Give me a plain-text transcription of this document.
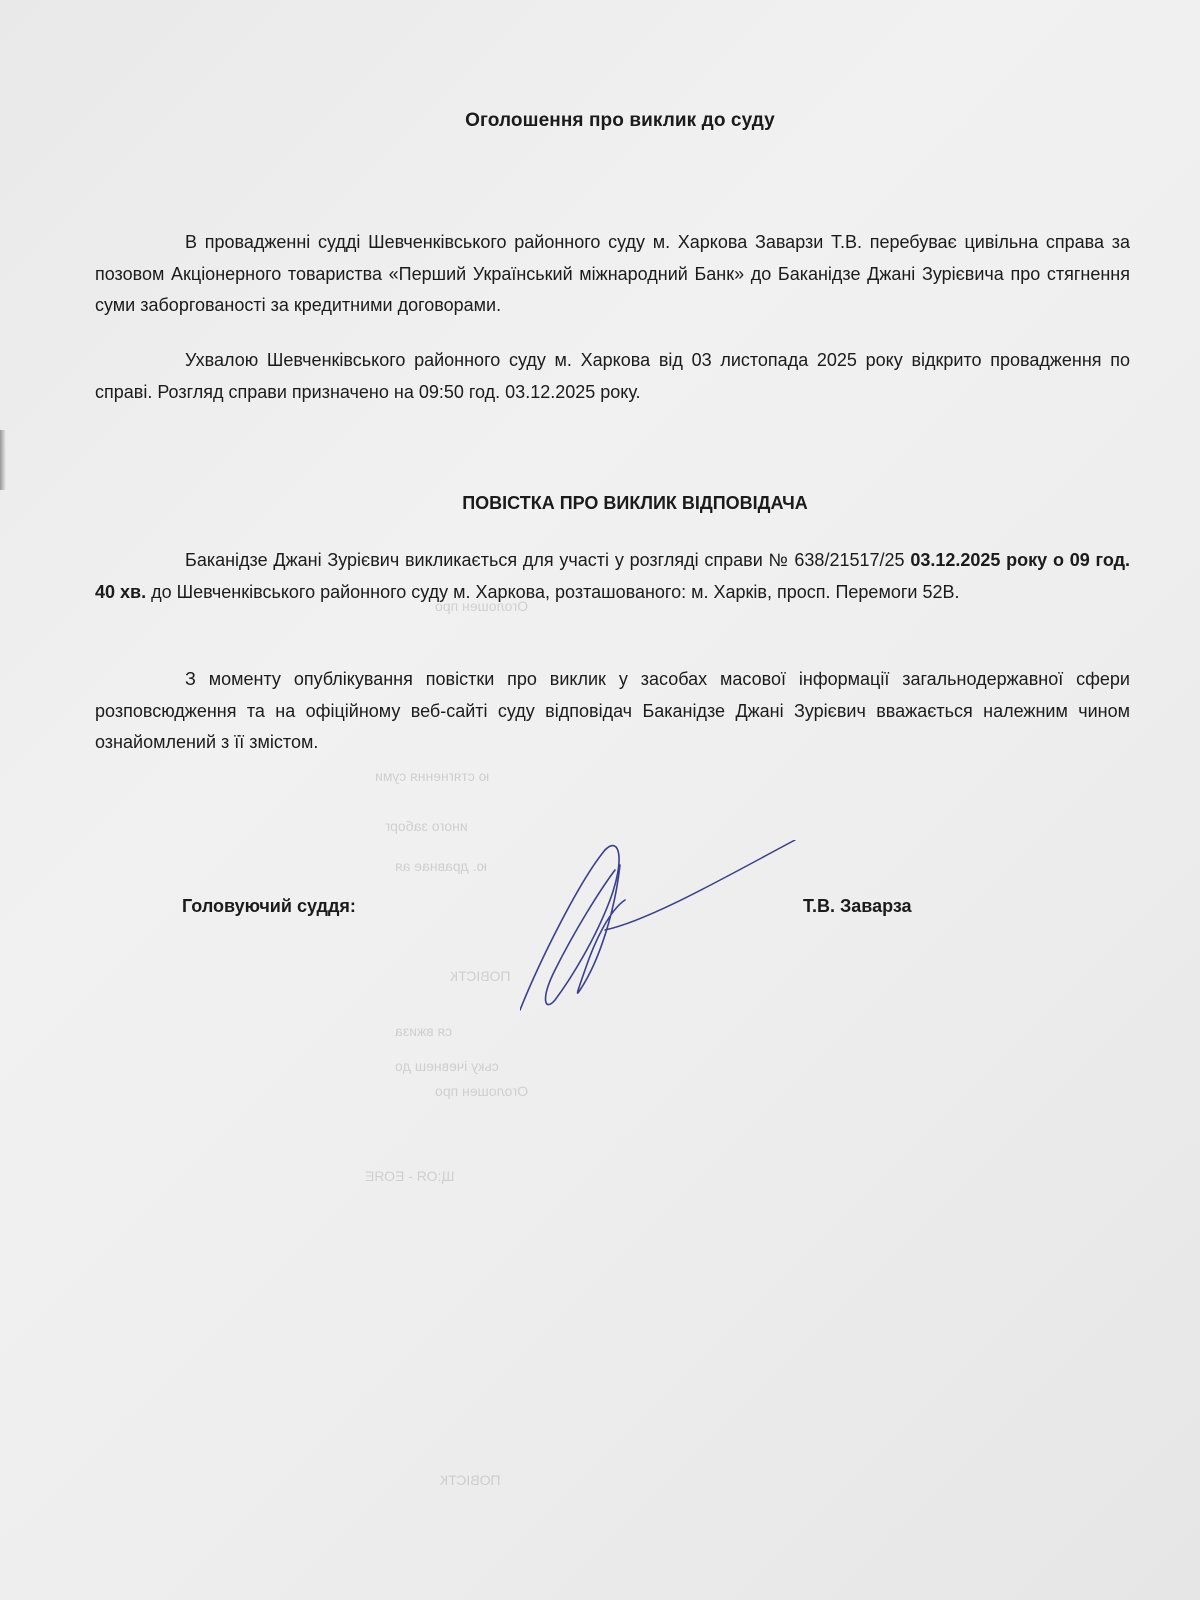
Оголошен про
ю стягнення суми
иного заборг
ю. дравнае ая
ПОВІСТК
ся вжиза
ську ічевнеш до
Оголошен про
Щ:ОЯ - ЕОЯЕ
ПОВІСТК
Оголошення про виклик до суду
В провадженні судді Шевченківського районного суду м. Харкова Заварзи Т.В. перебуває цивільна справа за позовом Акціонерного товариства «Перший Український міжнародний Банк» до Баканідзе Джані Зурієвича про стягнення суми заборгованості за кредитними договорами.
Ухвалою Шевченківського районного суду м. Харкова від 03 листопада 2025 року відкрито провадження по справі. Розгляд справи призначено на 09:50 год. 03.12.2025 року.
ПОВІСТКА ПРО ВИКЛИК ВІДПОВІДАЧА
Баканідзе Джані Зурієвич викликається для участі у розгляді справи № 638/21517/25 03.12.2025 року о 09 год. 40 хв. до Шевченківського районного суду м. Харкова, розташованого: м. Харків, просп. Перемоги 52В.
З моменту опублікування повістки про виклик у засобах масової інформації загальнодержавної сфери розповсюдження та на офіційному веб-сайті суду відповідач Баканідзе Джані Зурієвич вважається належним чином ознайомлений з її змістом.
Головуючий суддя:	Т.В. Заварза
